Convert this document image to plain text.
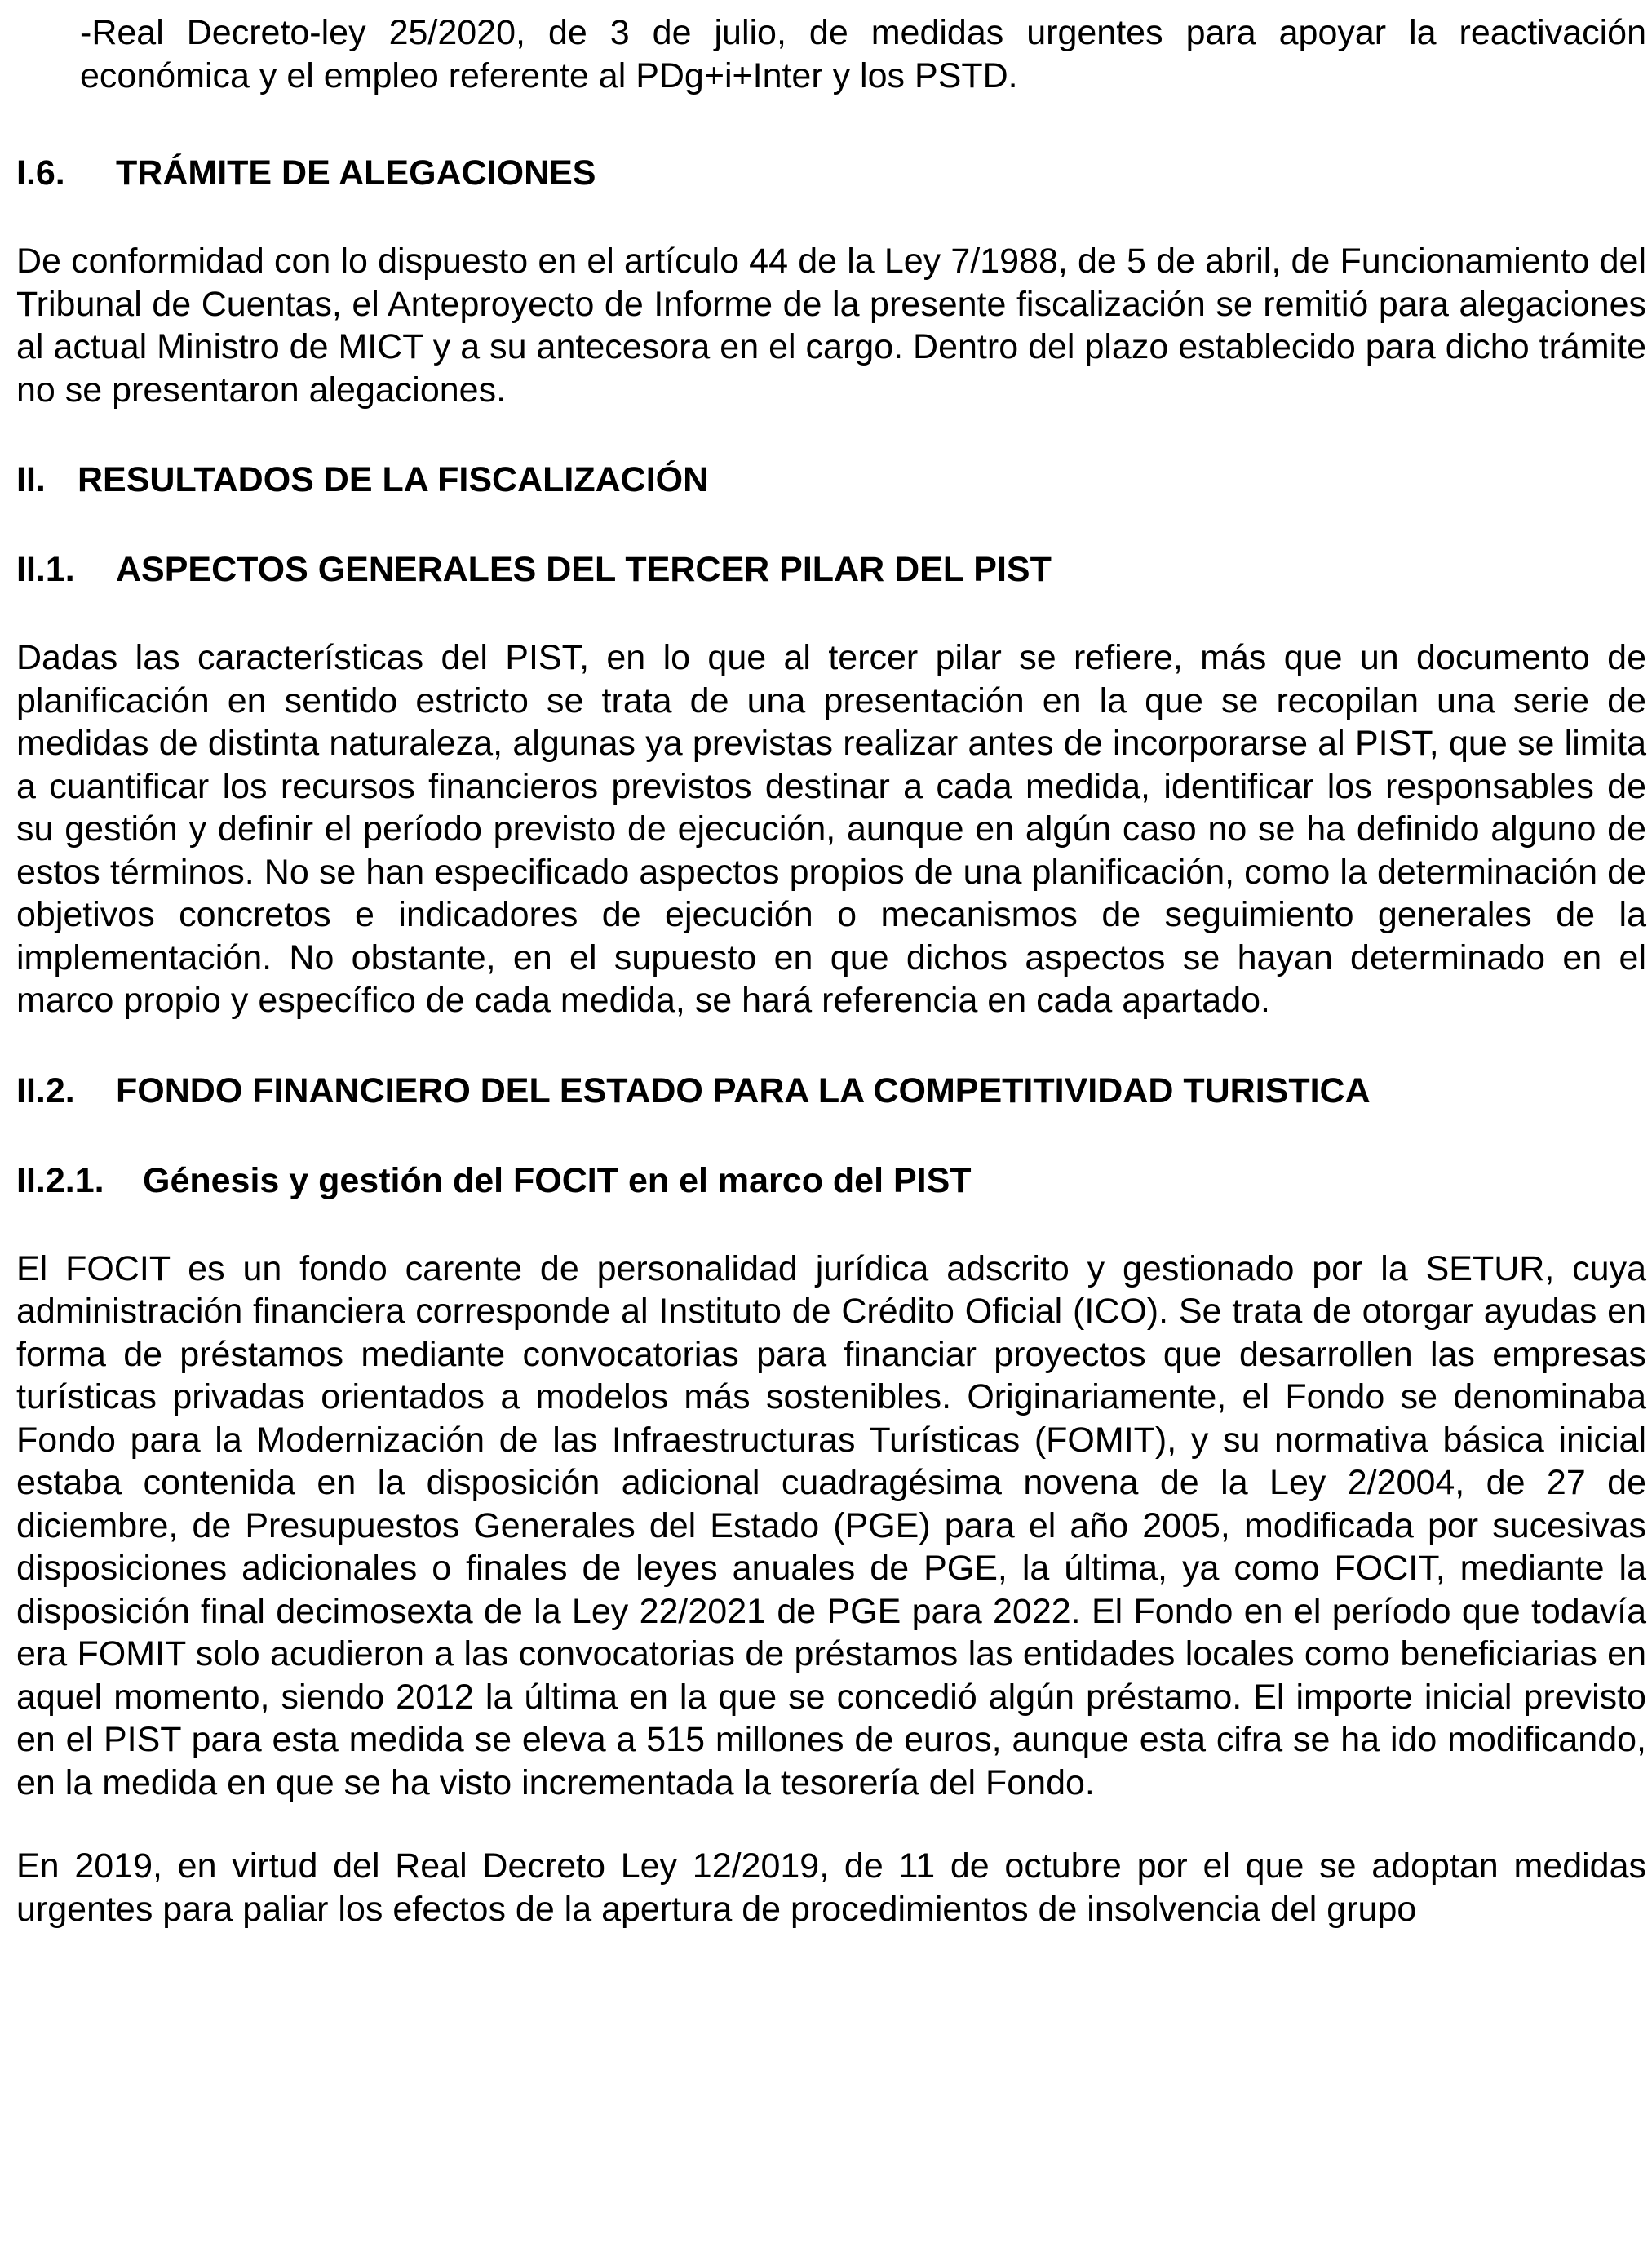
-Real Decreto-ley 25/2020, de 3 de julio, de medidas urgentes para apoyar la reactivación económica y el empleo referente al PDg+i+Inter y los PSTD.

I.6.	TRÁMITE DE ALEGACIONES

De conformidad con lo dispuesto en el artículo 44 de la Ley 7/1988, de 5 de abril, de Funcionamiento del Tribunal de Cuentas, el Anteproyecto de Informe de la presente fiscalización se remitió para alegaciones al actual Ministro de MICT y a su antecesora en el cargo. Dentro del plazo establecido para dicho trámite no se presentaron alegaciones.

II. RESULTADOS DE LA FISCALIZACIÓN
II.1.	ASPECTOS GENERALES DEL TERCER PILAR DEL PIST

Dadas las características del PIST, en lo que al tercer pilar se refiere, más que un documento de planificación en sentido estricto se trata de una presentación en la que se recopilan una serie de medidas de distinta naturaleza, algunas ya previstas realizar antes de incorporarse al PIST, que se limita a cuantificar los recursos financieros previstos destinar a cada medida, identificar los responsables de su gestión y definir el período previsto de ejecución, aunque en algún caso no se ha definido alguno de estos términos. No se han especificado aspectos propios de una planificación, como la determinación de objetivos concretos e indicadores de ejecución o mecanismos de seguimiento generales de la implementación. No obstante, en el supuesto en que dichos aspectos se hayan determinado en el marco propio y específico de cada medida, se hará referencia en cada apartado.

II.2.	FONDO FINANCIERO DEL ESTADO PARA LA COMPETITIVIDAD TURISTICA
II.2.1.	Génesis y gestión del FOCIT en el marco del PIST

El FOCIT es un fondo carente de personalidad jurídica adscrito y gestionado por la SETUR, cuya administración financiera corresponde al Instituto de Crédito Oficial (ICO). Se trata de otorgar ayudas en forma de préstamos mediante convocatorias para financiar proyectos que desarrollen las empresas turísticas privadas orientados a modelos más sostenibles. Originariamente, el Fondo se denominaba Fondo para la Modernización de las Infraestructuras Turísticas (FOMIT), y su normativa básica inicial estaba contenida en la disposición adicional cuadragésima novena de la Ley 2/2004, de 27 de diciembre, de Presupuestos Generales del Estado (PGE) para el año 2005, modificada por sucesivas disposiciones adicionales o finales de leyes anuales de PGE, la última, ya como FOCIT, mediante la disposición final decimosexta de la Ley 22/2021 de PGE para 2022. El Fondo en el período que todavía era FOMIT solo acudieron a las convocatorias de préstamos las entidades locales como beneficiarias en aquel momento, siendo 2012 la última en la que se concedió algún préstamo. El importe inicial previsto en el PIST para esta medida se eleva a 515 millones de euros, aunque esta cifra se ha ido modificando, en la medida en que se ha visto incrementada la tesorería del Fondo.

En 2019, en virtud del Real Decreto Ley 12/2019, de 11 de octubre por el que se adoptan medidas urgentes para paliar los efectos de la apertura de procedimientos de insolvencia del grupo
